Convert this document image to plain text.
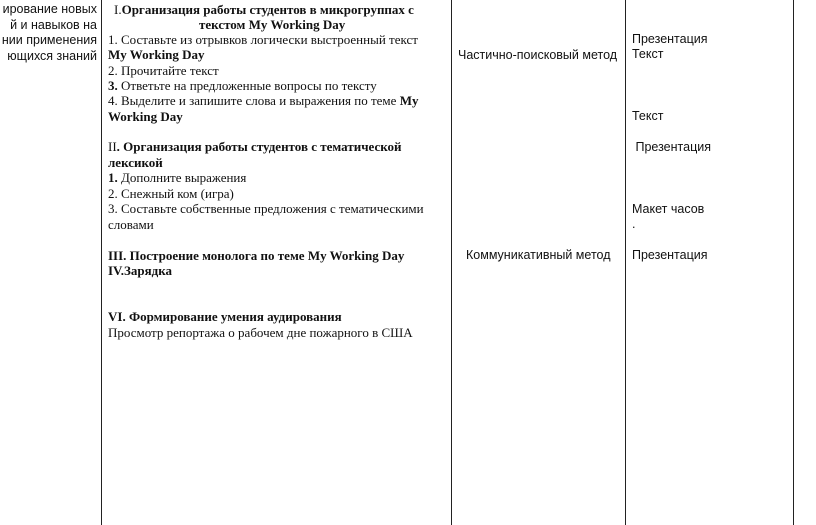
ирование новых
й и навыков на
нии применения
ющихся знаний
I.Организация работы студентов в микрогруппах с
текстом My Working Day
1. Составьте из отрывков логически выстроенный текст
My Working Day
2. Прочитайте текст
3. Ответьте на предложенные вопросы по тексту
4. Выделите и запишите слова и выражения по теме My
Working Day
II. Организация работы студентов с тематической
лексикой
1. Дополните выражения
2. Снежный ком (игра)
3. Составьте собственные предложения с тематическими
словами
III. Построение монолога по теме My Working Day
IV.Зарядка
VI. Формирование умения аудирования
Просмотр репортажа о рабочем дне пожарного в США
Частично-поисковый метод
Коммуникативный метод
Презентация
Текст
Текст
Презентация
Макет часов
.
Презентация
